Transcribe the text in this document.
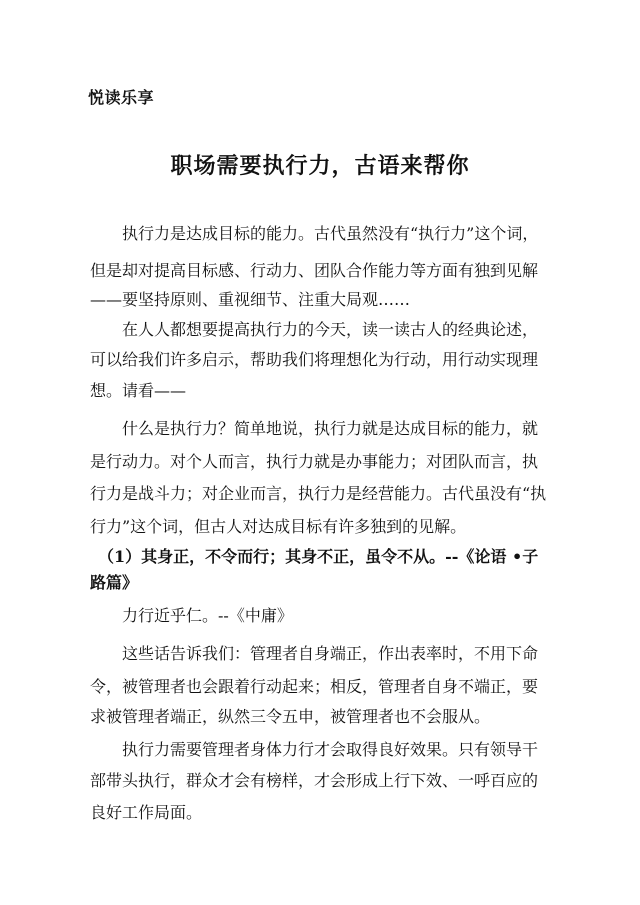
悦读乐享
职场需要执行力，古语来帮你
　　执行力是达成目标的能力。古代虽然没有“执行力”这个词，
但是却对提高目标感、行动力、团队合作能力等方面有独到见解
——要坚持原则、重视细节、注重大局观……
　　在人人都想要提高执行力的今天，读一读古人的经典论述，
可以给我们许多启示，帮助我们将理想化为行动，用行动实现理
想。请看——
　　什么是执行力？简单地说，执行力就是达成目标的能力，就
是行动力。对个人而言，执行力就是办事能力；对团队而言，执
行力是战斗力；对企业而言，执行力是经营能力。古代虽没有“执
行力”这个词，但古人对达成目标有许多独到的见解。
　（1）其身正，不令而行；其身不正，虽令不从。--《论语 •子
路篇》
　　力行近乎仁。--《中庸》
　　这些话告诉我们：管理者自身端正，作出表率时，不用下命
令，被管理者也会跟着行动起来；相反，管理者自身不端正，要
求被管理者端正，纵然三令五申，被管理者也不会服从。
　　执行力需要管理者身体力行才会取得良好效果。只有领导干
部带头执行，群众才会有榜样，才会形成上行下效、一呼百应的
良好工作局面。
